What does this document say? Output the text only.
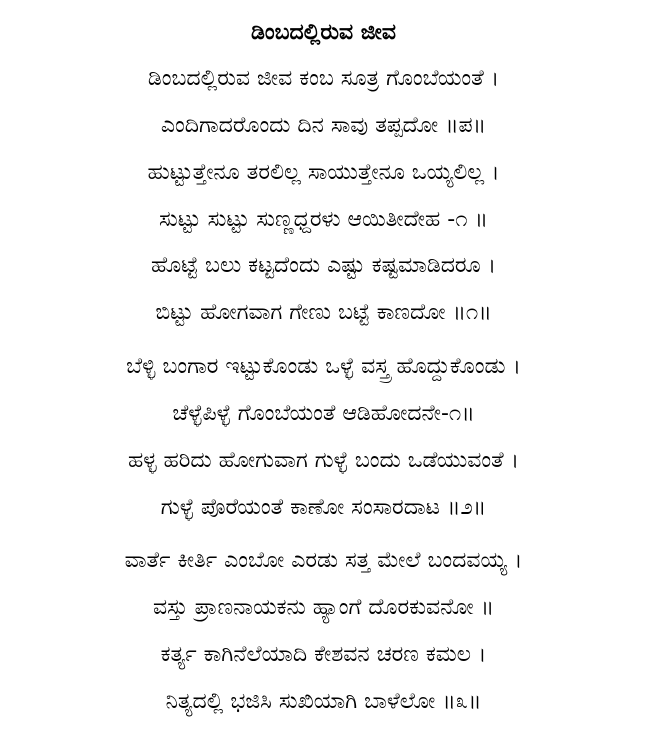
ಡಿಂಬದಲ್ಲಿರುವ ಜೀವ
ಡಿಂಬದಲ್ಲಿರುವ ಜೀವ ಕಂಬ ಸೂತ್ರ ಗೊಂಬೆಯಂತೆ ।
ಎಂದಿಗಾದರೊಂದು ದಿನ ಸಾವು ತಪ್ಪದೋ ॥ಪ॥
ಹುಟ್ಟುತ್ತೇನೂ ತರಲಿಲ್ಲ ಸಾಯುತ್ತೇನೂ ಒಯ್ಯಲಿಲ್ಲ ।
ಸುಟ್ಟು ಸುಟ್ಟು ಸುಣ್ಣಧ್ದರಳು ಆಯಿತೀದೇಹ -೧ ॥
ಹೊಟ್ಟೆ ಬಲು ಕಟ್ಟದೆಂದು ಎಷ್ಟು ಕಷ್ಟಮಾಡಿದರೂ ।
ಬಿಟ್ಟು ಹೋಗವಾಗ ಗೇಣು ಬಟ್ಟೆ ಕಾಣದೋ ॥೧॥
ಬೆಳ್ಳಿ ಬಂಗಾರ ಇಟ್ಟುಕೊಂಡು ಒಳ್ಳೆ ವಸ್ತ್ರ ಹೊದ್ದುಕೊಂಡು ।
ಚೆಳ್ಳೆಪಿಳ್ಳೆ ಗೊಂಬೆಯಂತೆ ಆಡಿಹೋದನೇ-೧॥
ಹಳ್ಳ ಹರಿದು ಹೋಗುವಾಗ ಗುಳ್ಳೆ ಬಂದು ಒಡೆಯುವಂತೆ ।
ಗುಳ್ಳೆ ಪೊರೆಯಂತೆ ಕಾಣೋ ಸಂಸಾರದಾಟ ॥೨॥
ವಾರ್ತೆ ಕೀರ್ತಿ ಎಂಬೋ ಎರಡು ಸತ್ತ ಮೇಲೆ ಬಂದವಯ್ಯ ।
ವಸ್ತು ಪ್ರಾಣನಾಯಕನು ಹ್ಯಾಂಗೆ ದೊರಕುವನೋ ॥
ಕರ್ತ್ಯ ಕಾಗಿನೆಲೆಯಾದಿ ಕೇಶವನ ಚರಣ ಕಮಲ ।
ನಿತ್ಯದಲ್ಲಿ ಭಜಿಸಿ ಸುಖಿಯಾಗಿ ಬಾಳೆಲೋ ॥೩॥
